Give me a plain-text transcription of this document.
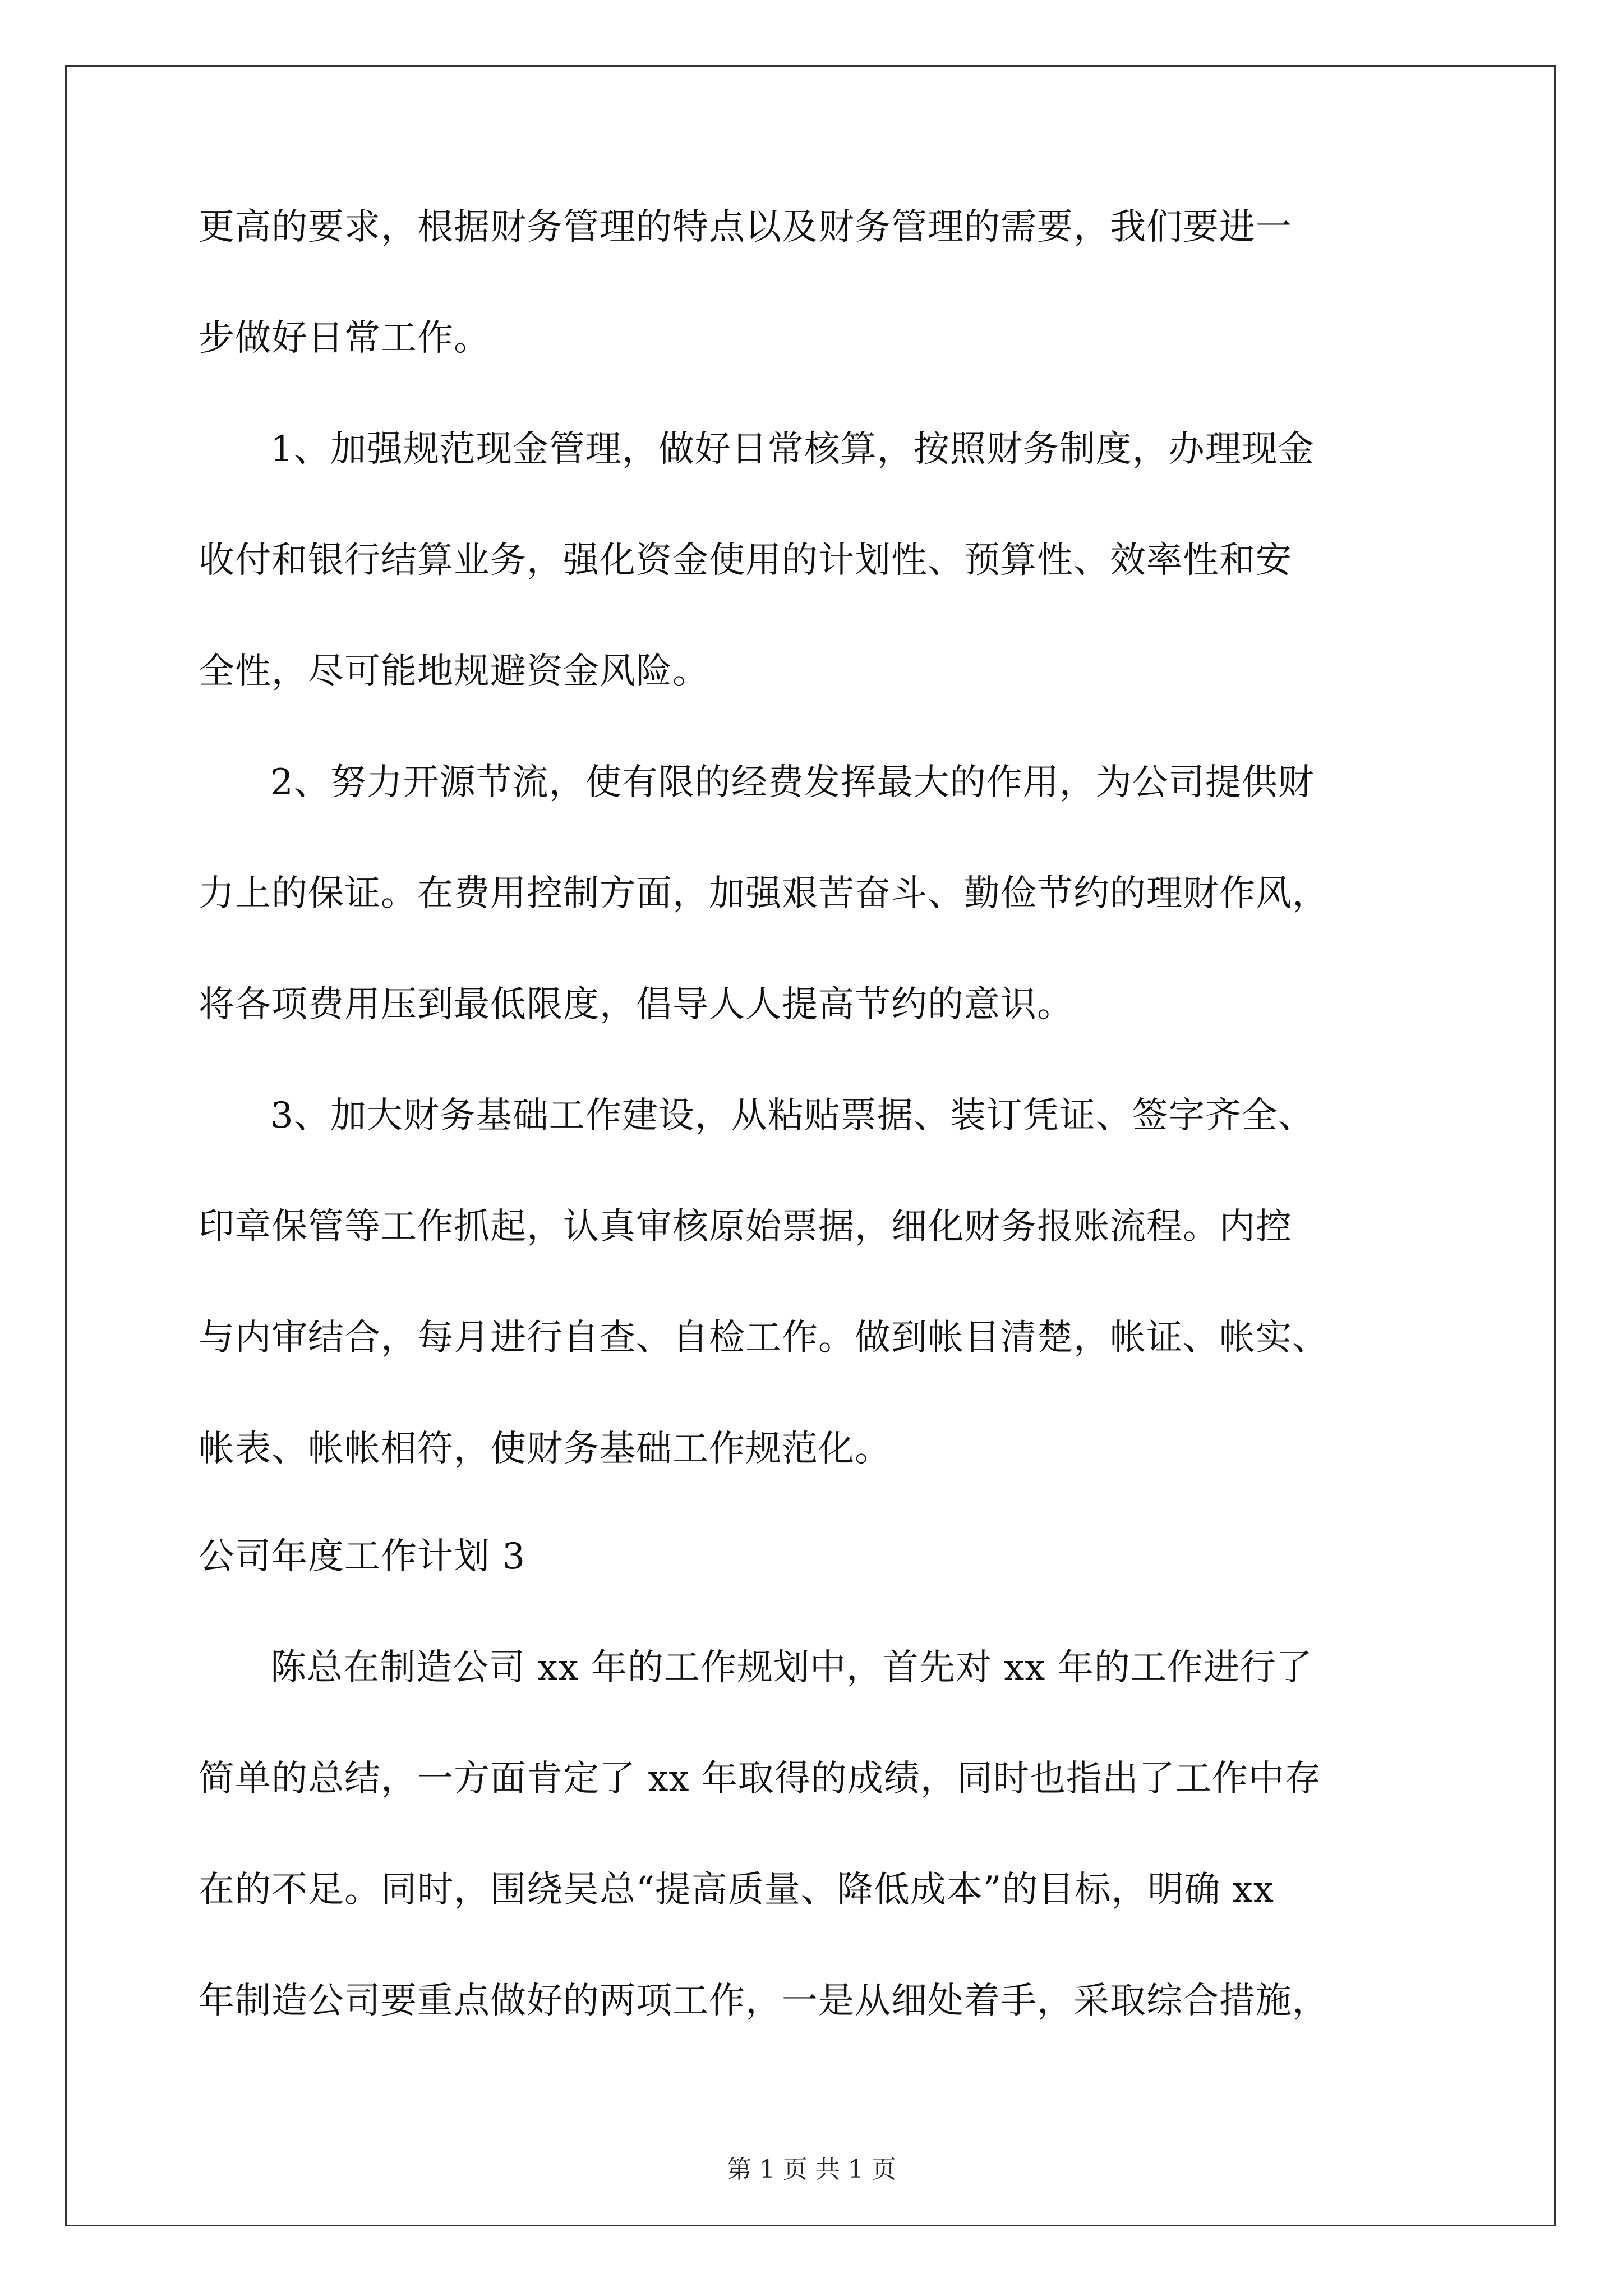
更高的要求，根据财务管理的特点以及财务管理的需要，我们要进一
步做好日常工作。
1、加强规范现金管理，做好日常核算，按照财务制度，办理现金
收付和银行结算业务，强化资金使用的计划性、预算性、效率性和安
全性，尽可能地规避资金风险。
2、努力开源节流，使有限的经费发挥最大的作用，为公司提供财
力上的保证。在费用控制方面，加强艰苦奋斗、勤俭节约的理财作风，
将各项费用压到最低限度，倡导人人提高节约的意识。
3、加大财务基础工作建设，从粘贴票据、装订凭证、签字齐全、
印章保管等工作抓起，认真审核原始票据，细化财务报账流程。内控
与内审结合，每月进行自查、自检工作。做到帐目清楚，帐证、帐实、
帐表、帐帐相符，使财务基础工作规范化。
公司年度工作计划 3
陈总在制造公司 xx 年的工作规划中，首先对 xx 年的工作进行了
简单的总结，一方面肯定了 xx 年取得的成绩，同时也指出了工作中存
在的不足。同时，围绕吴总“提高质量、降低成本”的目标，明确 xx
年制造公司要重点做好的两项工作，一是从细处着手，采取综合措施，
第 1 页 共 1 页
